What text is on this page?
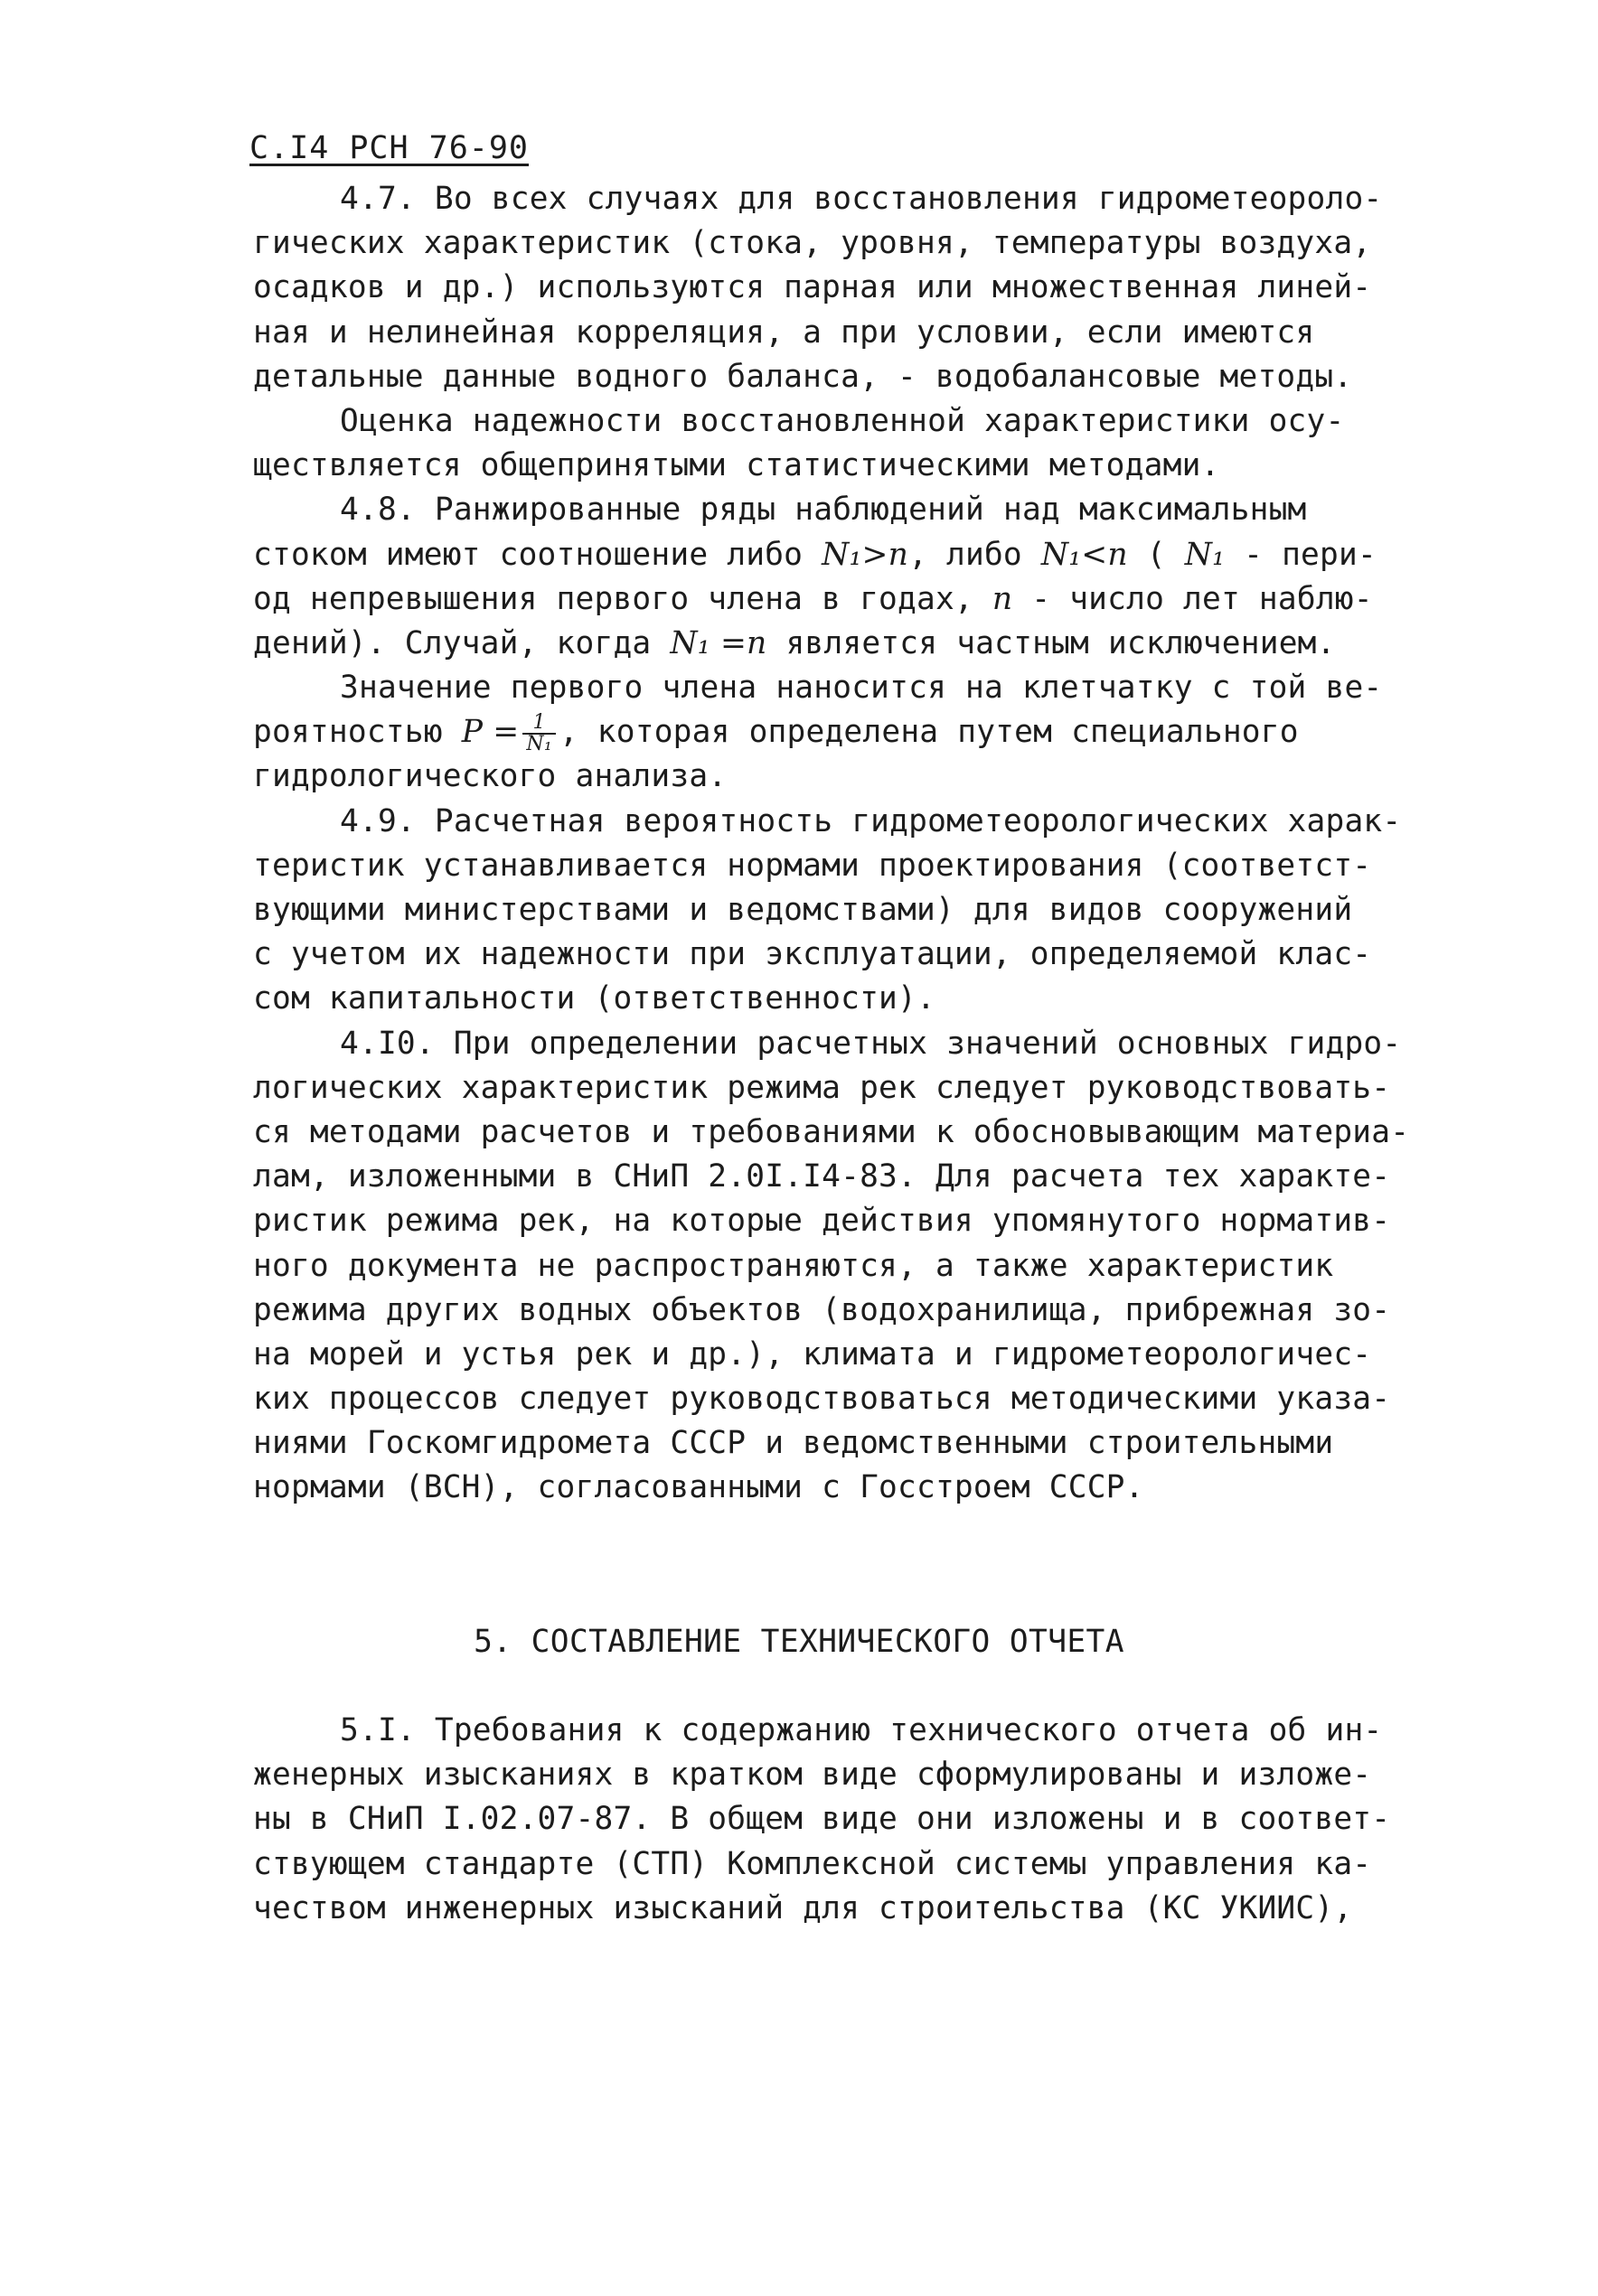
С.I4 РСН 76-90
4.7. Во всех случаях для восстановления гидрометеороло-
гических характеристик (стока, уровня, температуры воздуха,
осадков и др.) используются парная или множественная линей-
ная и нелинейная корреляция, а при условии, если имеются
детальные данные водного баланса, - водобалансовые методы.
Оценка надежности восстановленной характеристики осу-
ществляется общепринятыми статистическими методами.
4.8. Ранжированные ряды наблюдений над максимальным
стоком имеют соотношение либо N₁>n, либо N₁<n ( N₁ - пери-
од непревышения первого члена в годах, n - число лет наблю-
дений). Случай, когда N₁ =n является частным исключением.
Значение первого члена наносится на клетчатку с той ве-
роятностью $P = \frac{1}{\text{N₁}}$ , которая определена путем специального
гидрологического анализа.
4.9. Расчетная вероятность гидрометеорологических харак-
теристик устанавливается нормами проектирования (соответст-
вующими министерствами и ведомствами) для видов сооружений
с учетом их надежности при эксплуатации, определяемой клас-
сом капитальности (ответственности).
4.I0. При определении расчетных значений основных гидро-
логических характеристик режима рек следует руководствовать-
ся методами расчетов и требованиями к обосновывающим материа-
лам, изложенными в СНиП 2.0I.I4-83. Для расчета тех характе-
ристик режима рек, на которые действия упомянутого норматив-
ного документа не распространяются, а также характеристик
режима других водных объектов (водохранилища, прибрежная зо-
на морей и устья рек и др.), климата и гидрометеорологичес-
ких процессов следует руководствоваться методическими указа-
ниями Госкомгидромета СССР и ведомственными строительными
нормами (ВСН), согласованными с Госстроем СССР.
5. СОСТАВЛЕНИЕ ТЕХНИЧЕСКОГО ОТЧЕТА
5.I. Требования к содержанию технического отчета об ин-
женерных изысканиях в кратком виде сформулированы и изложе-
ны в СНиП I.02.07-87. В общем виде они изложены и в соответ-
ствующем стандарте (СТП) Комплексной системы управления ка-
чеством инженерных изысканий для строительства (КС УКИИС),
